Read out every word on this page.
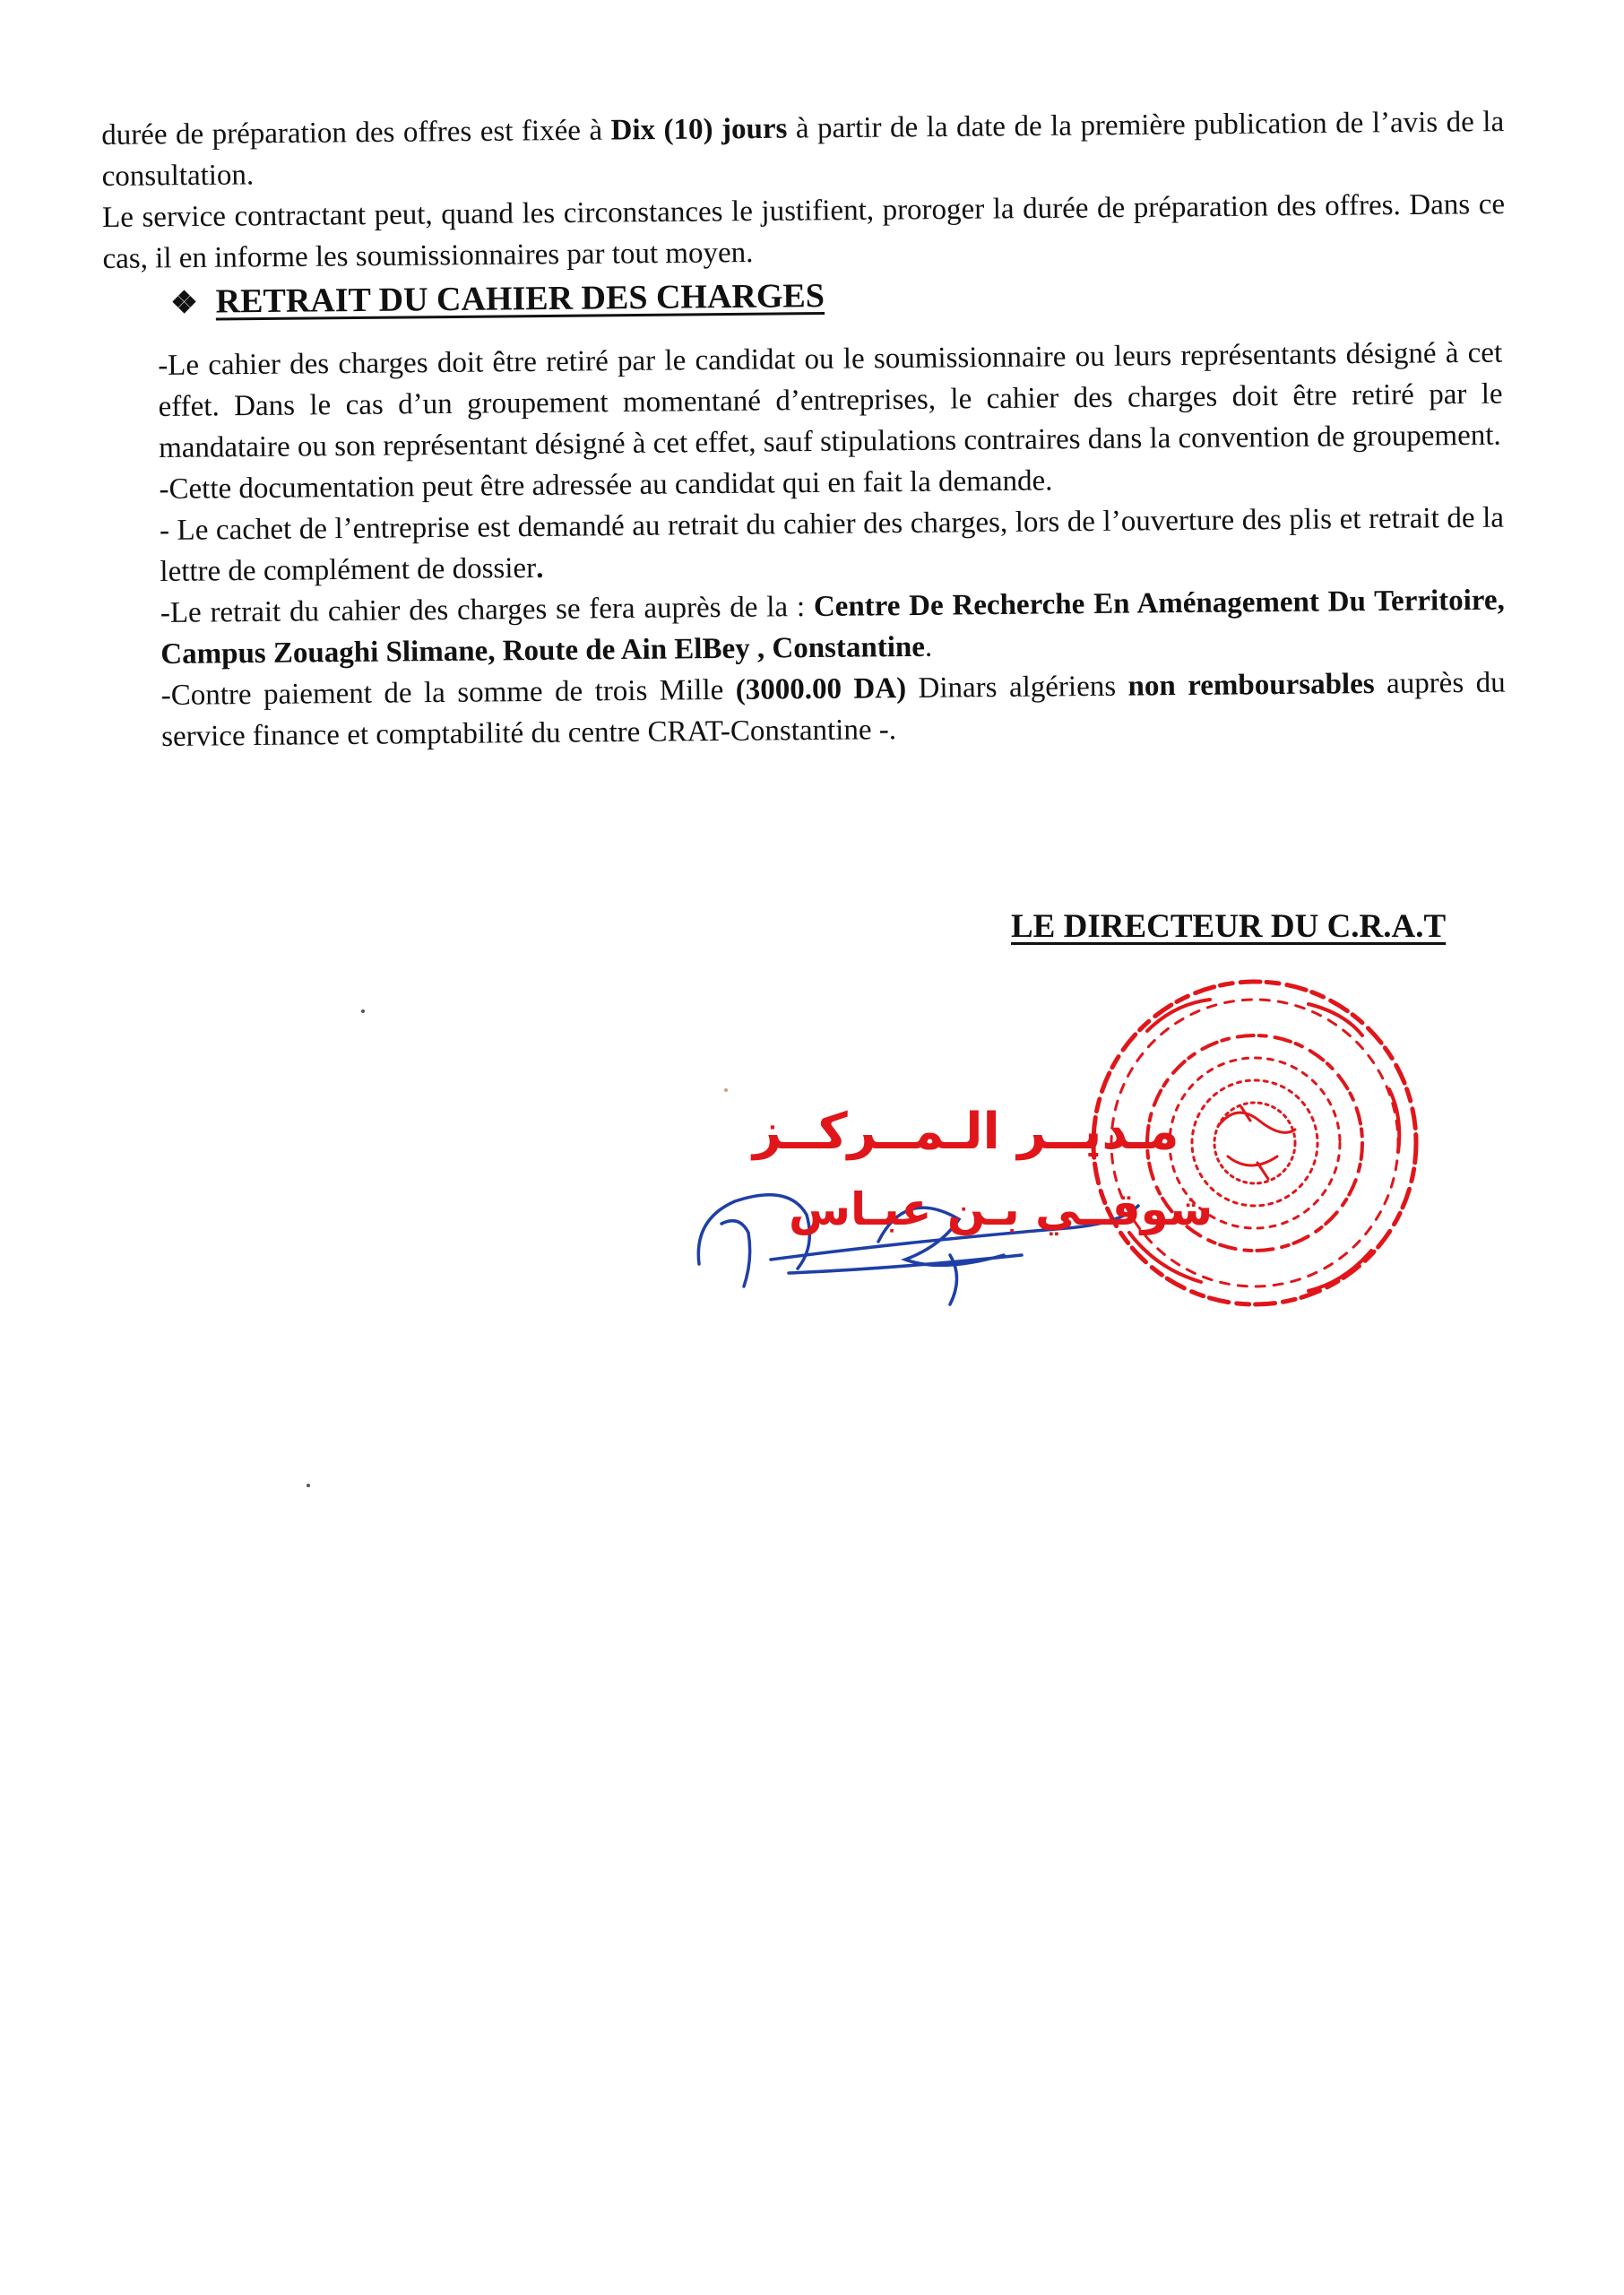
durée de préparation des offres est fixée à Dix (10) jours à partir de la date de la première publication de l’avis de la consultation.
Le service contractant peut, quand les circonstances le justifient, proroger la durée de préparation des offres. Dans ce cas, il en informe les soumissionnaires par tout moyen.
❖ RETRAIT DU CAHIER DES CHARGES

-Le cahier des charges doit être retiré par le candidat ou le soumissionnaire ou leurs représentants désigné à cet effet. Dans le cas d’un groupement momentané d’entreprises, le cahier des charges doit être retiré par le mandataire ou son représentant désigné à cet effet, sauf stipulations contraires dans la convention de groupement.

-Cette documentation peut être adressée au candidat qui en fait la demande.

- Le cachet de l’entreprise est demandé au retrait du cahier des charges, lors de l’ouverture des plis et retrait de la lettre de complément de dossier.

-Le retrait du cahier des charges se fera auprès de la : Centre De Recherche En Aménagement Du Territoire, Campus Zouaghi Slimane, Route de Ain ElBey , Constantine.

-Contre paiement de la somme de trois Mille (3000.00 DA) Dinars algériens non remboursables auprès du service finance et comptabilité du centre CRAT-Constantine -.

LE DIRECTEUR DU C.R.A.T
مـديــر الـمــركــز
شوقــي بـن عبـاس
